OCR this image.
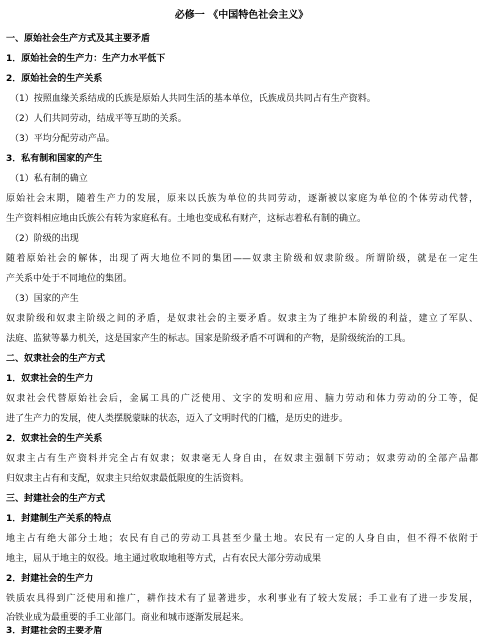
必修一 《中国特色社会主义》
一、原始社会生产方式及其主要矛盾
1．原始社会的生产力：生产力水平低下
2．原始社会的生产关系
（1）按照血缘关系结成的氏族是原始人共同生活的基本单位，氏族成员共同占有生产资料。
（2）人们共同劳动，结成平等互助的关系。
（3）平均分配劳动产品。
3．私有制和国家的产生
（1）私有制的确立
原始社会末期，随着生产力的发展，原来以氏族为单位的共同劳动，逐渐被以家庭为单位的个体劳动代替，
生产资料相应地由氏族公有转为家庭私有。土地也变成私有财产，这标志着私有制的确立。
（2）阶级的出现
随着原始社会的解体，出现了两大地位不同的集团——奴隶主阶级和奴隶阶级。所谓阶级，就是在一定生
产关系中处于不同地位的集团。
（3）国家的产生
奴隶阶级和奴隶主阶级之间的矛盾，是奴隶社会的主要矛盾。奴隶主为了维护本阶级的利益，建立了军队、
法庭、监狱等暴力机关，这是国家产生的标志。国家是阶级矛盾不可调和的产物，是阶级统治的工具。
二、奴隶社会的生产方式
1．奴隶社会的生产力
奴隶社会代替原始社会后，金属工具的广泛使用、文字的发明和应用、脑力劳动和体力劳动的分工等，促
进了生产力的发展，使人类摆脱蒙昧的状态，迈入了文明时代的门槛，是历史的进步。
2．奴隶社会的生产关系
奴隶主占有生产资料并完全占有奴隶；奴隶毫无人身自由，在奴隶主强制下劳动；奴隶劳动的全部产品都
归奴隶主占有和支配，奴隶主只给奴隶最低限度的生活资料。
三、封建社会的生产方式
1．封建制生产关系的特点
地主占有绝大部分土地；农民有自己的劳动工具甚至少量土地。农民有一定的人身自由，但不得不依附于
地主，屈从于地主的奴役。地主通过收取地租等方式，占有农民大部分劳动成果
2．封建社会的生产力
铁质农具得到广泛使用和推广，耕作技术有了显著进步，水利事业有了较大发展；手工业有了进一步发展，
冶铁业成为最重要的手工业部门。商业和城市逐渐发展起来。
3．封建社会的主要矛盾
